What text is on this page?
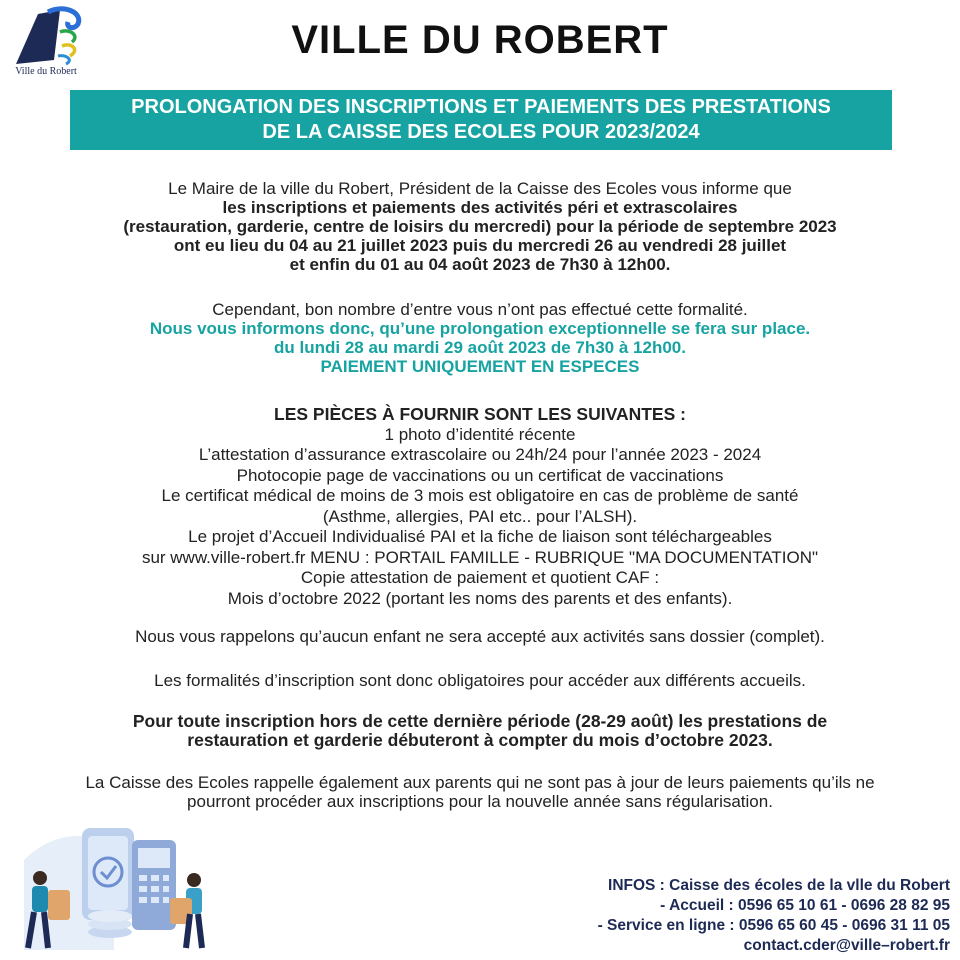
Ville du Robert
VILLE DU ROBERT
PROLONGATION DES INSCRIPTIONS ET PAIEMENTS DES PRESTATIONS
DE LA CAISSE DES ECOLES POUR 2023/2024
Le Maire de la ville du Robert, Président de la Caisse des Ecoles vous informe que
les inscriptions et paiements des activités péri et extrascolaires
(restauration, garderie, centre de loisirs du mercredi) pour la période de septembre 2023
ont eu lieu du 04 au 21 juillet 2023 puis du mercredi 26 au vendredi 28 juillet
et enfin du 01 au 04 août 2023 de 7h30 à 12h00.
Cependant, bon nombre d’entre vous n’ont pas effectué cette formalité.
Nous vous informons donc, qu’une prolongation exceptionnelle se fera sur place.
du lundi 28 au mardi 29 août 2023 de 7h30 à 12h00.
PAIEMENT UNIQUEMENT EN ESPECES
LES PIÈCES À FOURNIR SONT LES SUIVANTES :
1 photo d’identité récente
L’attestation d’assurance extrascolaire ou 24h/24 pour l’année 2023 - 2024
Photocopie page de vaccinations ou un certificat de vaccinations
Le certificat médical de moins de 3 mois est obligatoire en cas de problème de santé
(Asthme, allergies, PAI etc.. pour l’ALSH).
Le projet d’Accueil Individualisé PAI et la fiche de liaison sont téléchargeables
sur www.ville-robert.fr MENU : PORTAIL FAMILLE - RUBRIQUE "MA DOCUMENTATION"
Copie attestation de paiement et quotient CAF :
Mois d’octobre 2022 (portant les noms des parents et des enfants).
Nous vous rappelons qu’aucun enfant ne sera accepté aux activités sans dossier (complet).
Les formalités d’inscription sont donc obligatoires pour accéder aux différents accueils.
Pour toute inscription hors de cette dernière période (28-29 août) les prestations de
restauration et garderie débuteront à compter du mois d’octobre 2023.
La Caisse des Ecoles rappelle également aux parents qui ne sont pas à jour de leurs paiements qu’ils ne
pourront procéder aux inscriptions pour la nouvelle année sans régularisation.
INFOS : Caisse des écoles de la vlle du Robert
- Accueil : 0596 65 10 61 - 0696 28 82 95
- Service en ligne : 0596 65 60 45 - 0696 31 11 05
contact.cder@ville–robert.fr
